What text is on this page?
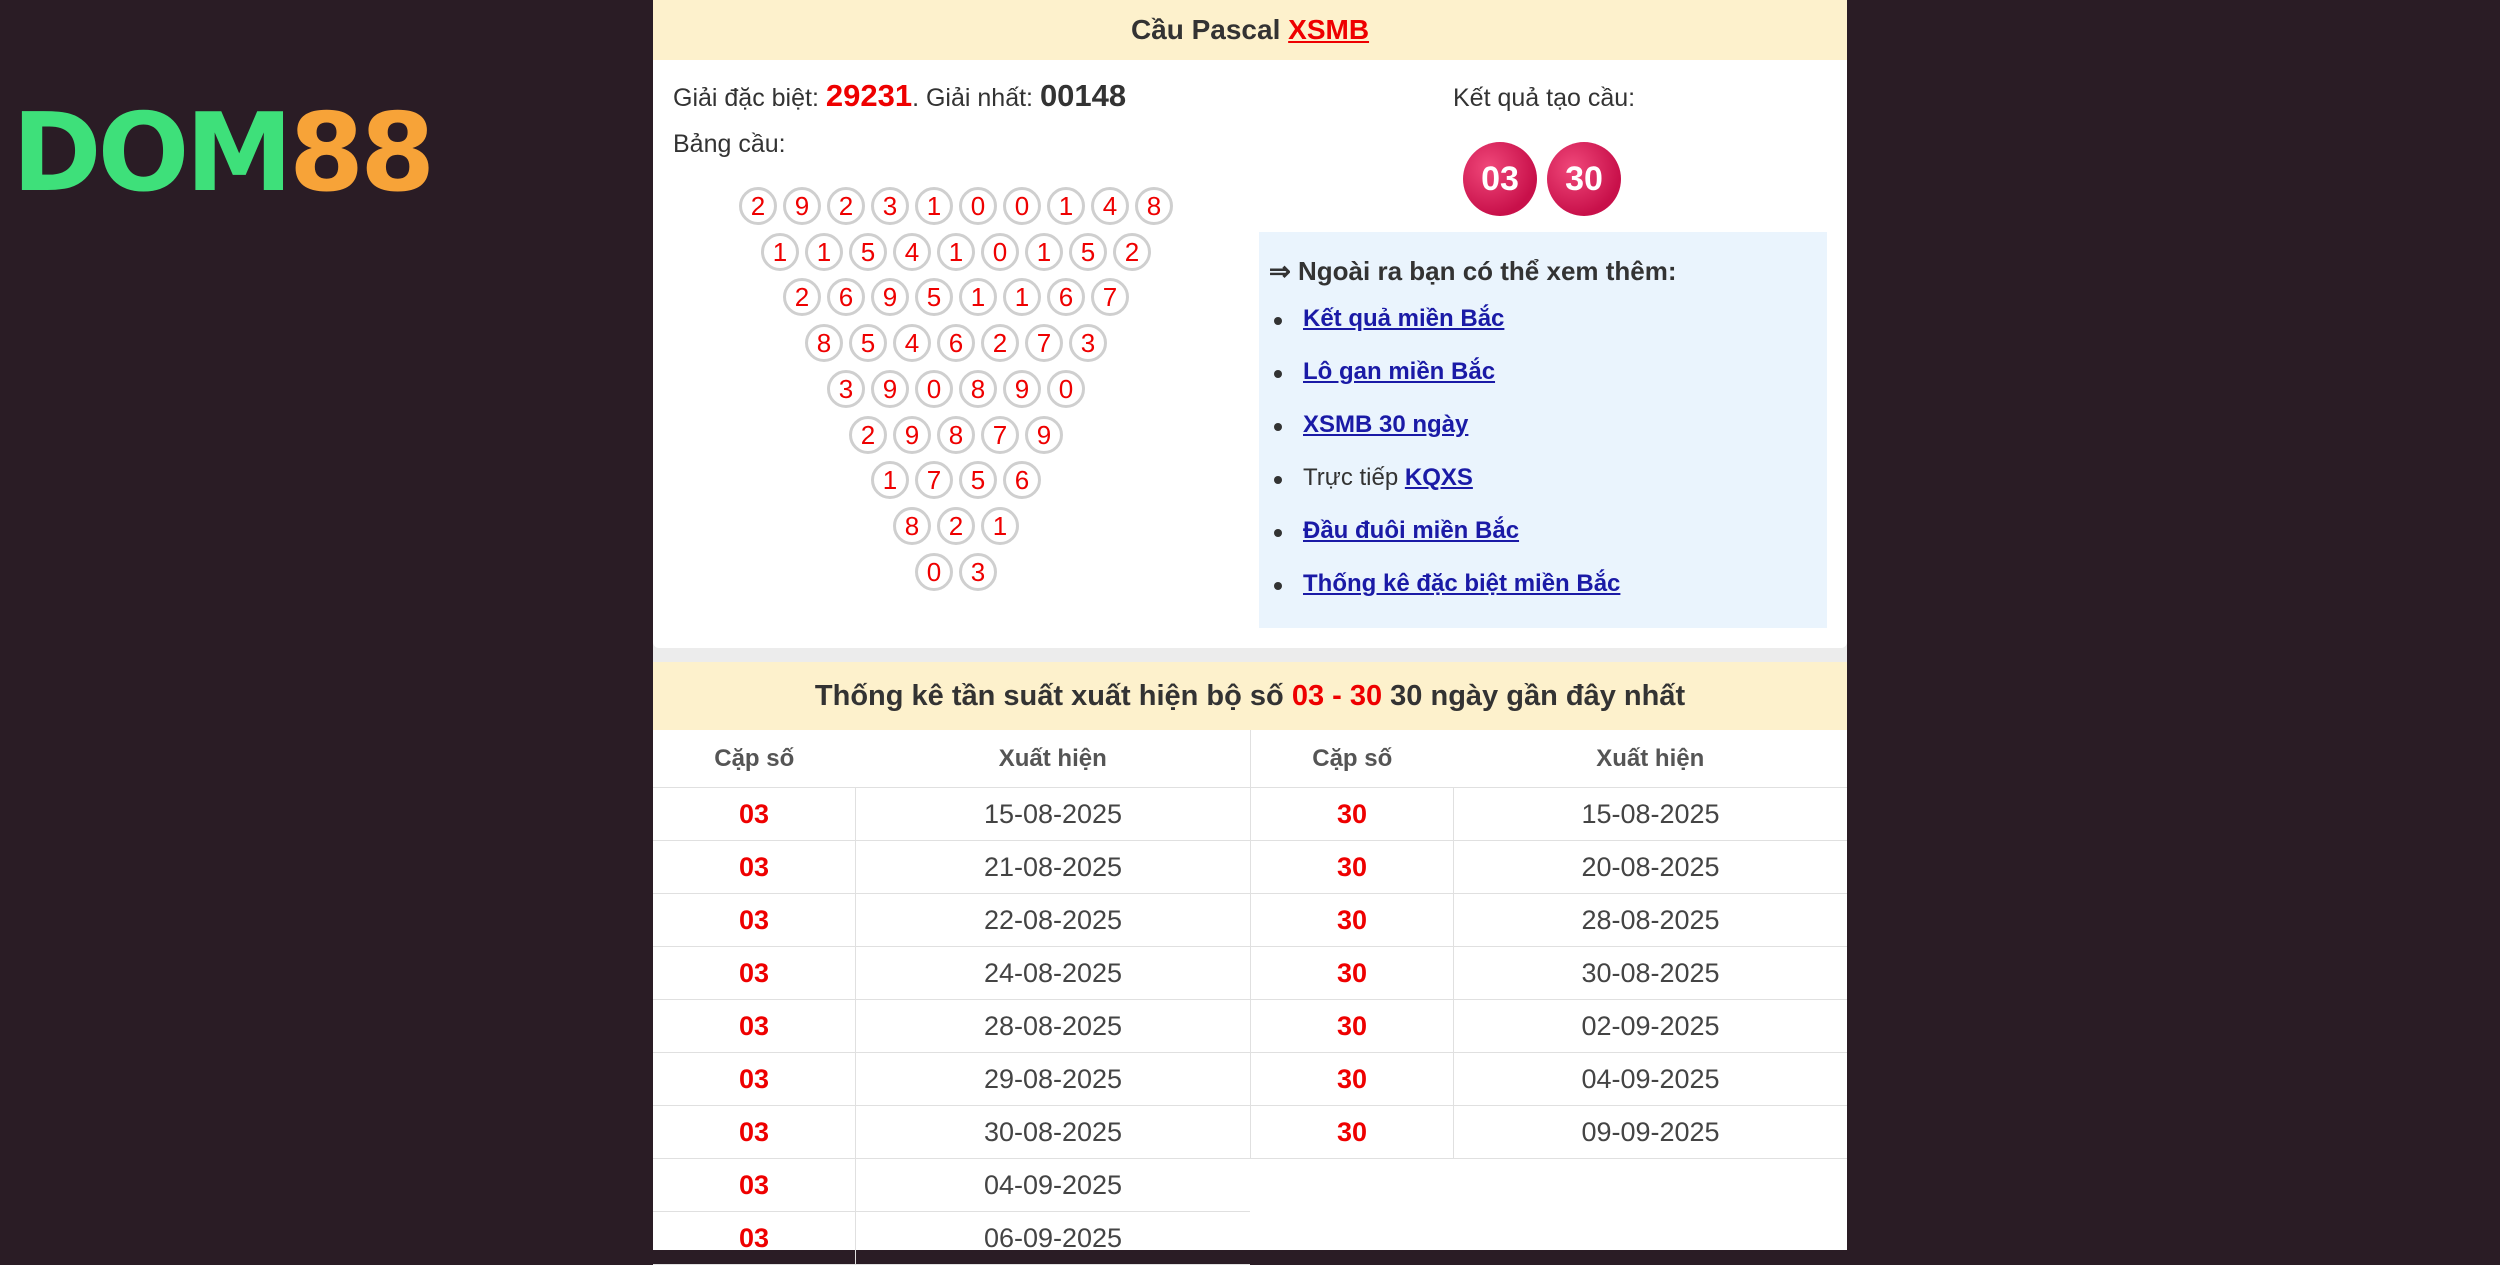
DOM88
Cầu Pascal XSMB
Giải đặc biệt: 29231. Giải nhất: 00148
Bảng cầu:
2	9	2	3	1	0	0	1	4	8
1	1	5	4	1	0	1	5	2
2	6	9	5	1	1	6	7
8	5	4	6	2	7	3
3	9	0	8	9	0
2	9	8	7	9
1	7	5	6
8	2	1
0	3
Kết quả tạo cầu:
03	30
⇒ Ngoài ra bạn có thể xem thêm:
Kết quả miền Bắc
Lô gan miền Bắc
XSMB 30 ngày
Trực tiếp KQXS
Đầu đuôi miền Bắc
Thống kê đặc biệt miền Bắc
Thống kê tần suất xuất hiện bộ số 03 - 30 30 ngày gần đây nhất
Cặp số	Xuất hiện
03	15-08-2025
03	21-08-2025
03	22-08-2025
03	24-08-2025
03	28-08-2025
03	29-08-2025
03	30-08-2025
03	04-09-2025
03	06-09-2025
Cặp số	Xuất hiện
30	15-08-2025
30	20-08-2025
30	28-08-2025
30	30-08-2025
30	02-09-2025
30	04-09-2025
30	09-09-2025
